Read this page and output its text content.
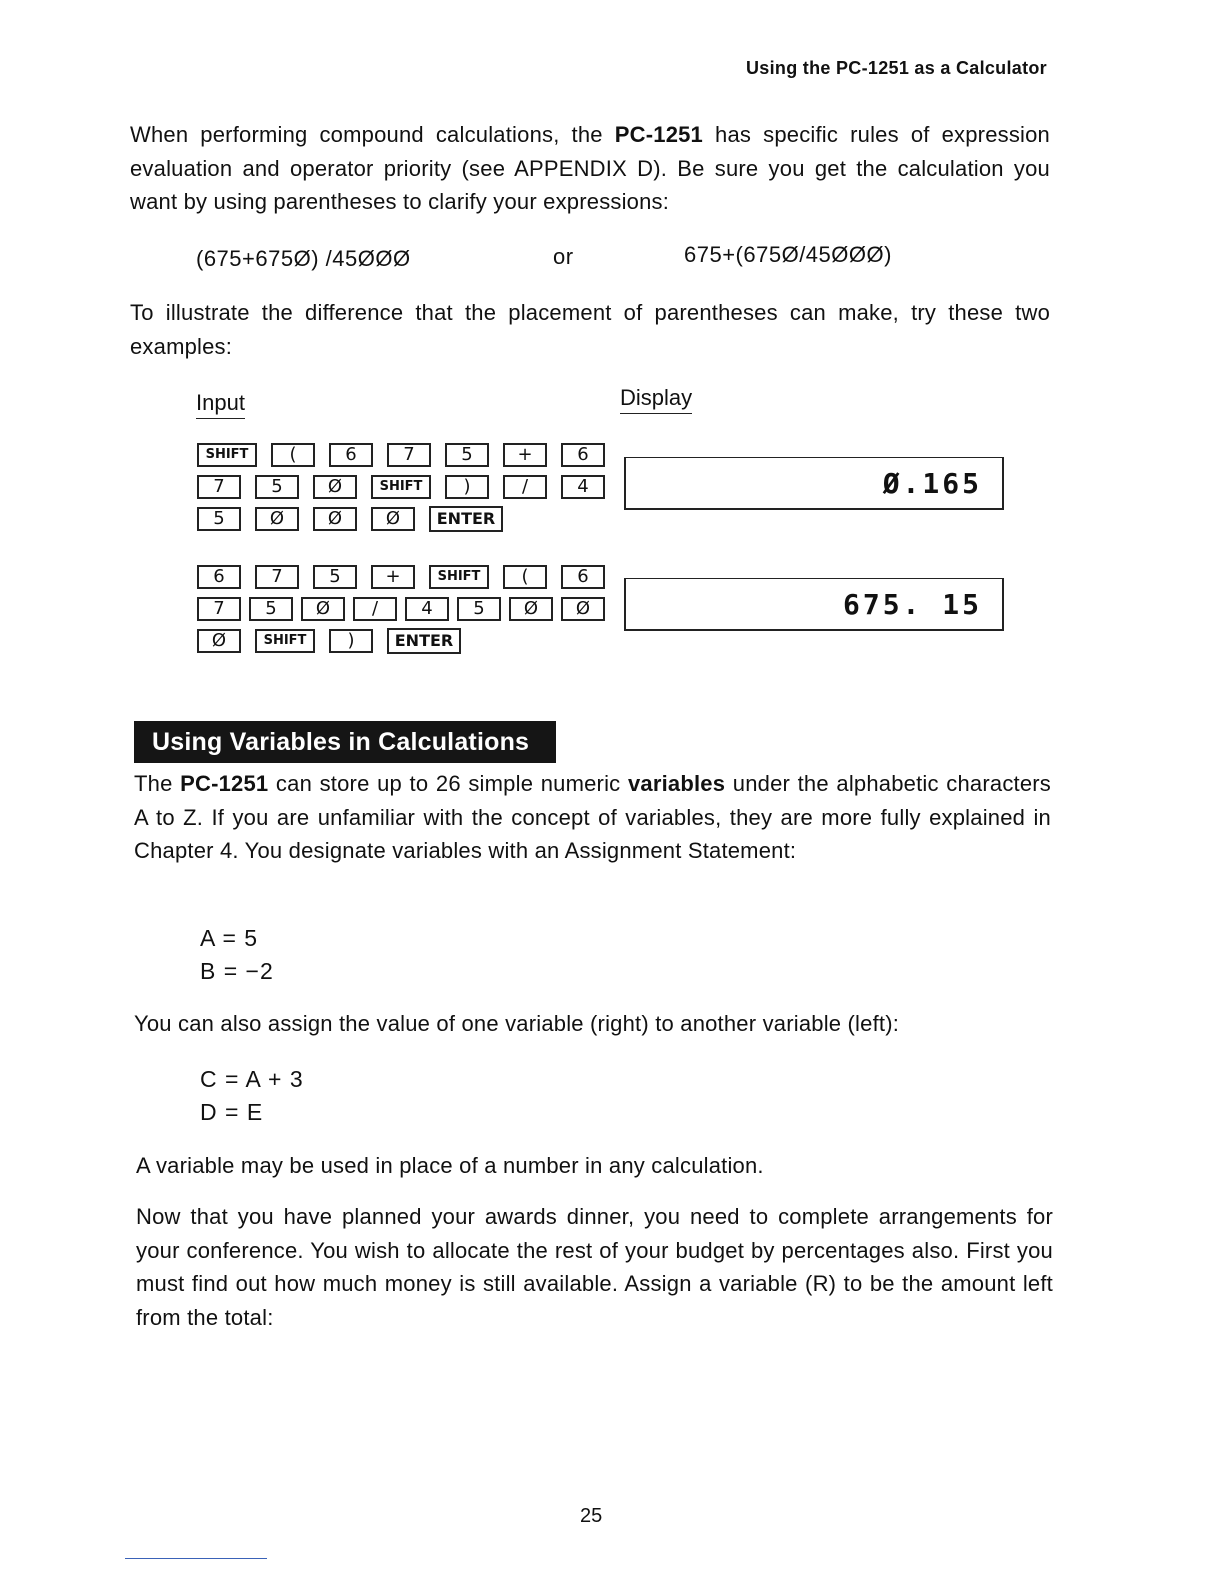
Using the PC-1251 as a Calculator

When performing compound calculations, the PC-1251 has specific rules of expression evaluation and operator priority (see APPENDIX D). Be sure you get the calculation you want by using parentheses to clarify your expressions:

(675+675Ø) /45ØØØ	or	675+(675Ø/45ØØØ)

To illustrate the difference that the placement of parentheses can make, try these two examples:

Input	Display
SHIFT	(	6	7	5	+	6
7	5	Ø	SHIFT	)	/	4
5	Ø	Ø	Ø	ENTER
Ø.165
6	7	5	+	SHIFT	(	6
7	5	Ø	/	4	5	Ø	Ø
Ø	SHIFT	)	ENTER
675. 15
Using Variables in Calculations

The PC-1251 can store up to 26 simple numeric variables under the alphabetic characters A to Z. If you are unfamiliar with the concept of variables, they are more fully explained in Chapter 4. You designate variables with an Assignment Statement:

A = 5
B = −2

You can also assign the value of one variable (right) to another variable (left):

C = A + 3
D = E

A variable may be used in place of a number in any calculation.

Now that you have planned your awards dinner, you need to complete arrangements for your conference. You wish to allocate the rest of your budget by percentages also. First you must find out how much money is still available. Assign a variable (R) to be the amount left from the total:

25
